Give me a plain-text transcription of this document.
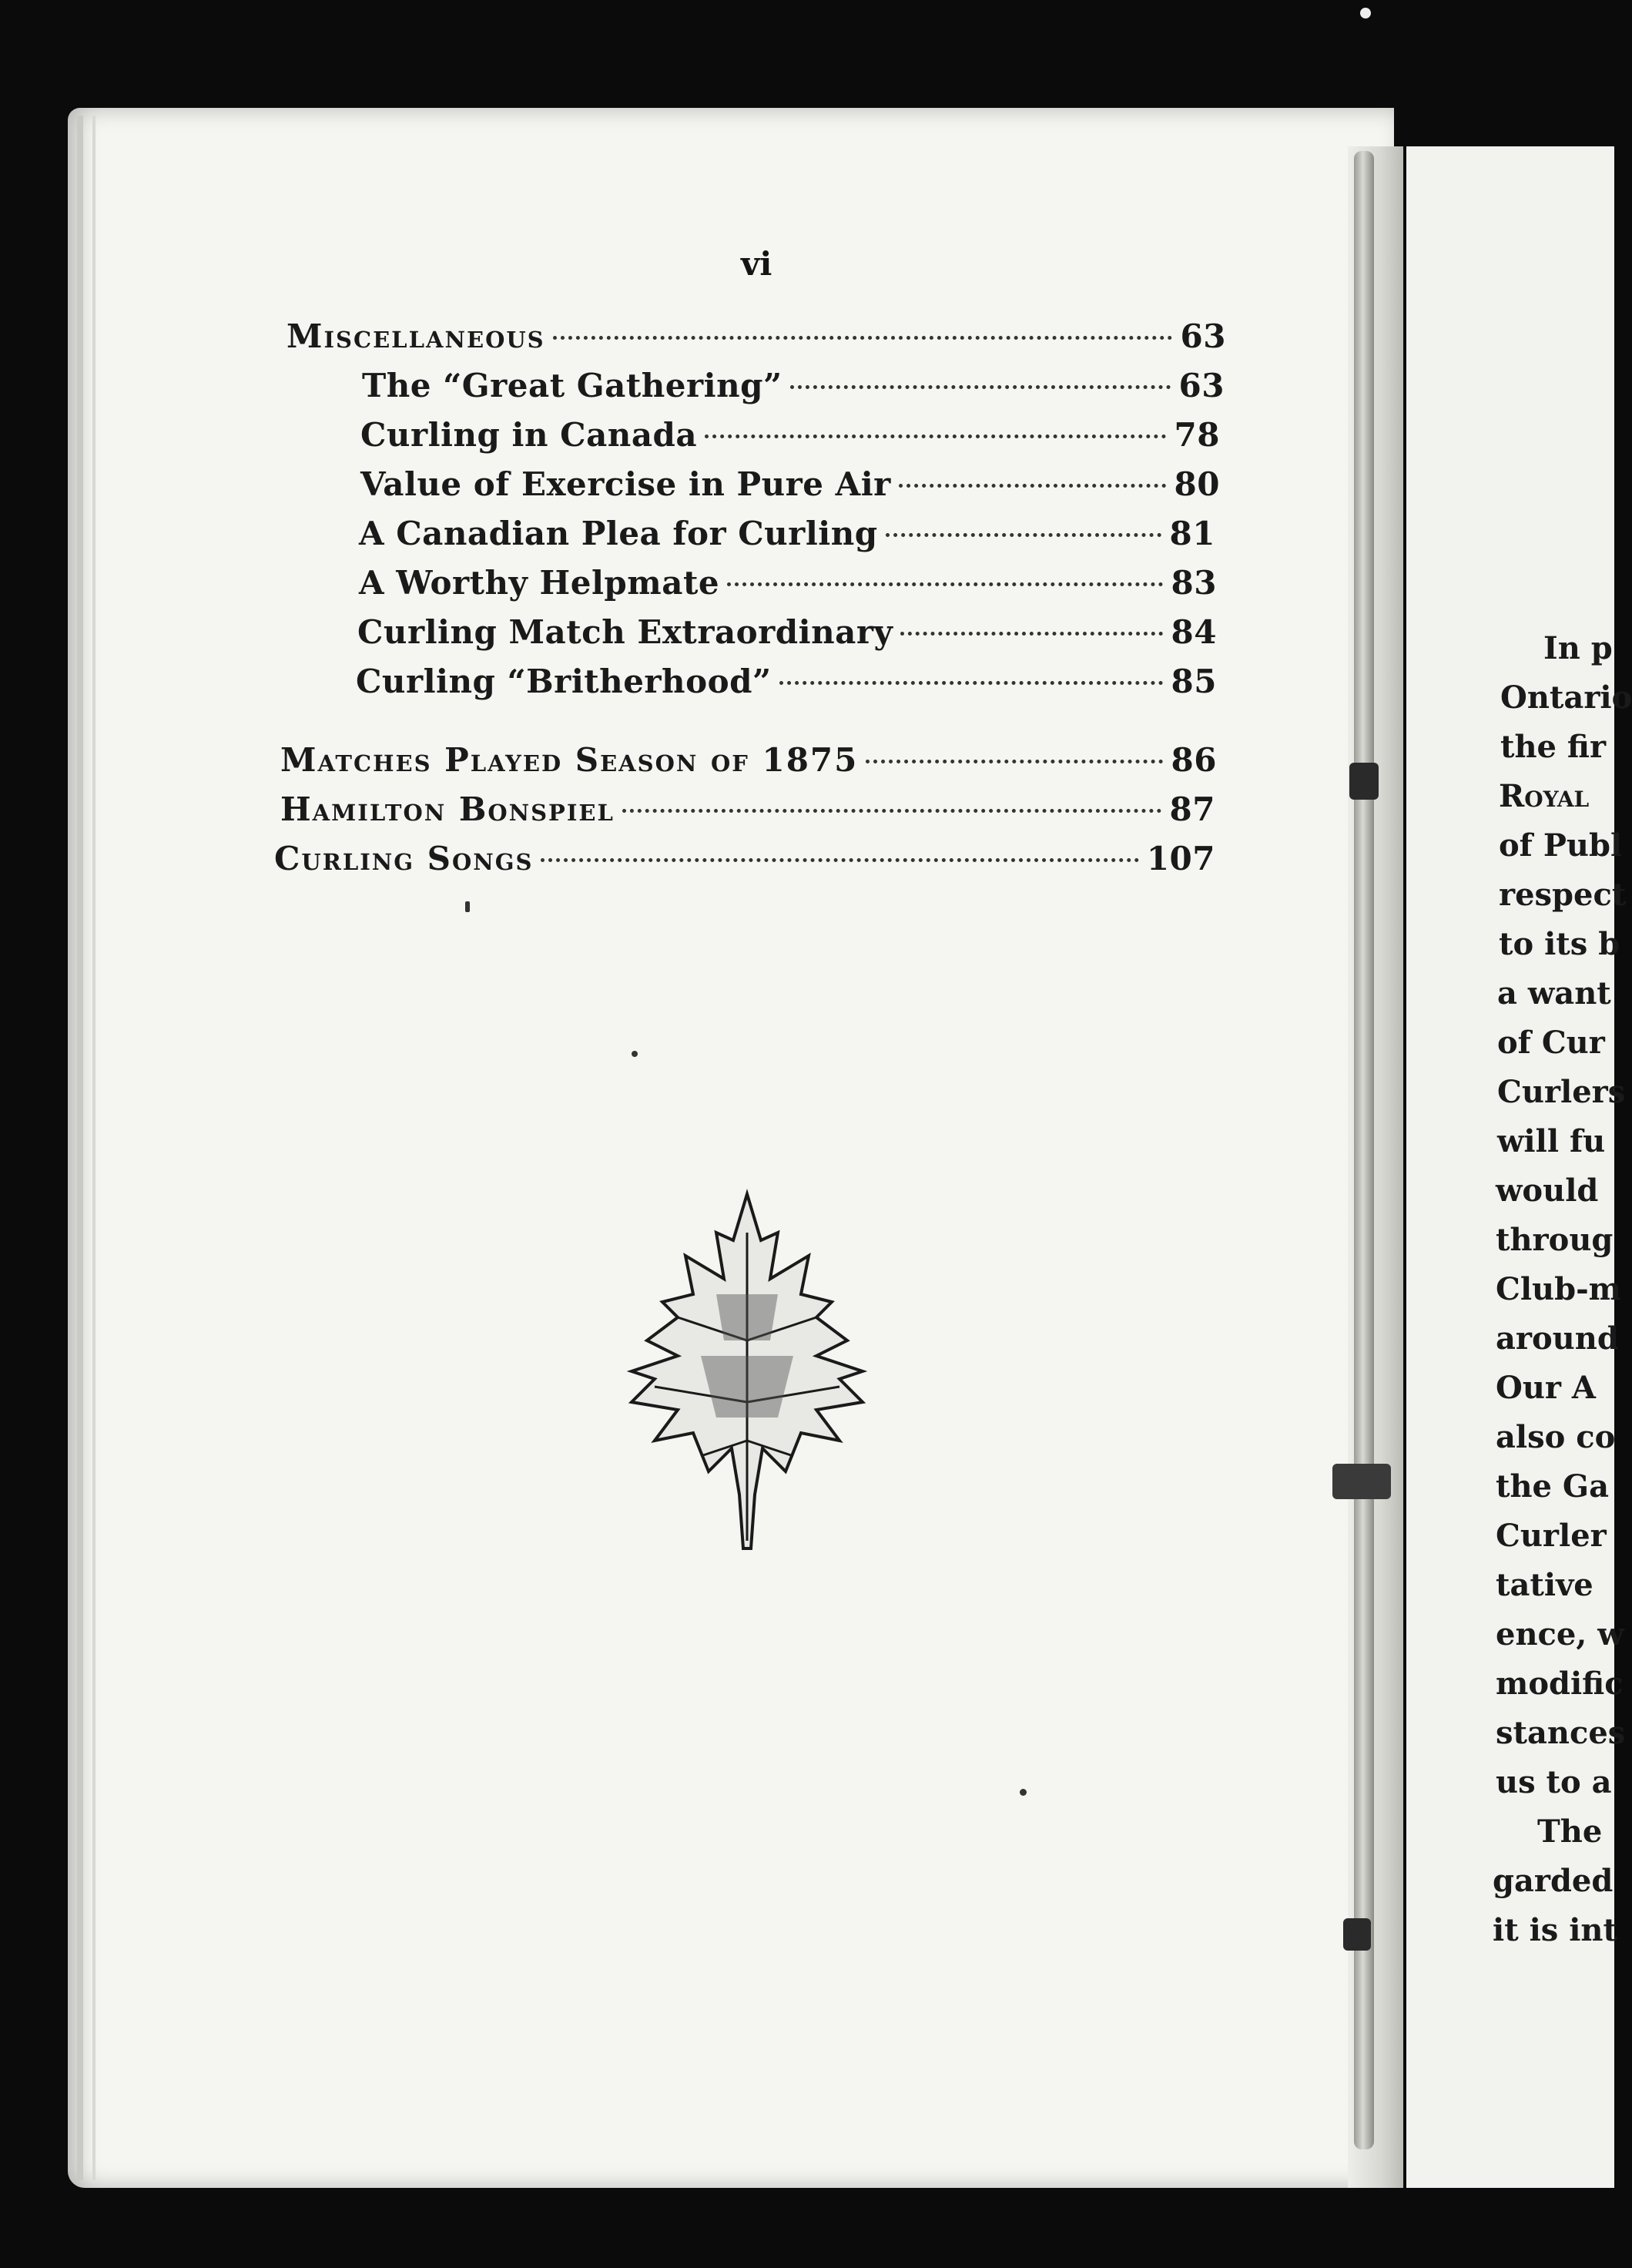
vi
Miscellaneous	63
The “Great Gathering”	63
Curling in Canada	78
Value of Exercise in Pure Air	80
A Canadian Plea for Curling	81
A Worthy Helpmate	83
Curling Match Extraordinary	84
Curling “Britherhood”	85
Matches Played Season of 1875	86
Hamilton Bonspiel	87
Curling Songs	107
In p
Ontario
the fir
Royal
of Publ
respect
to its b
a want
of Cur
Curlers
will fu
would
throug
Club-m
around
Our A
also co
the Ga
Curler
tative
ence, w
modific
stances
us to a
The
garded
it is int
